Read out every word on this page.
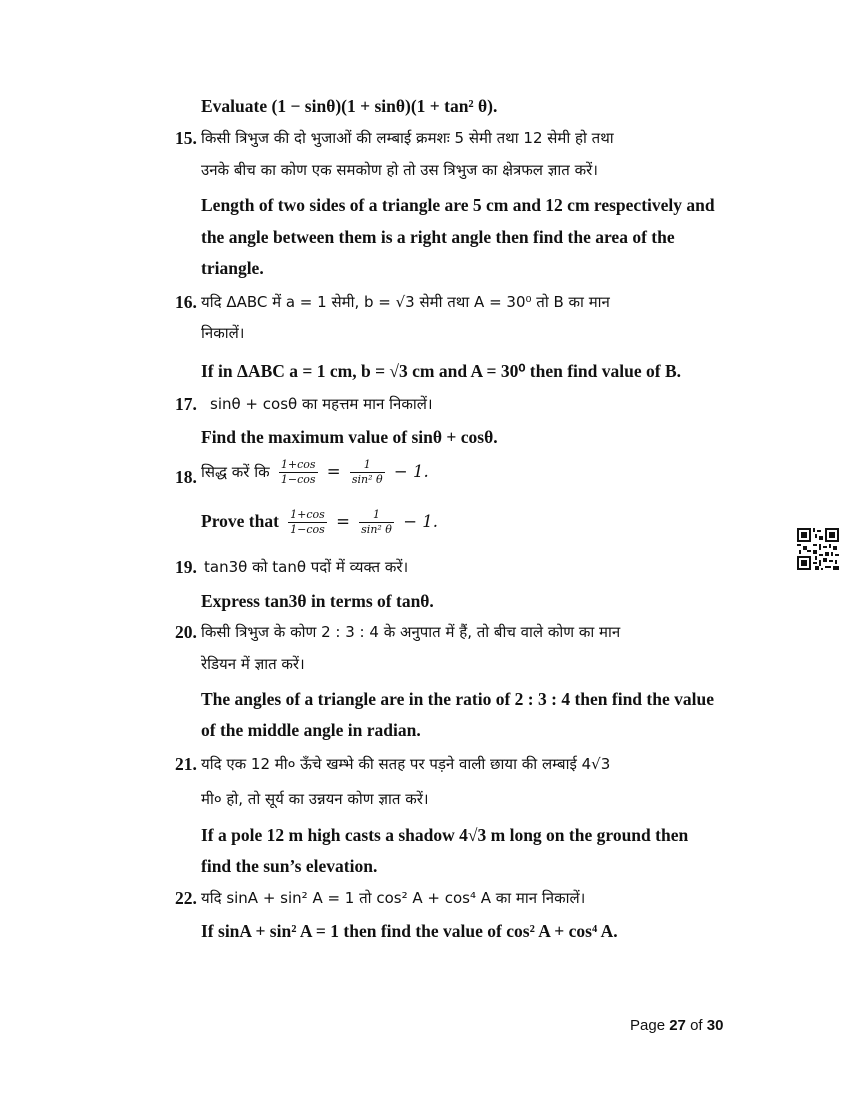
Evaluate (1 − sinθ)(1 + sinθ)(1 + tan² θ).
15. किसी त्रिभुज की दो भुजाओं की लम्बाई क्रमशः 5 सेमी तथा 12 सेमी हो तथा
उनके बीच का कोण एक समकोण हो तो उस त्रिभुज का क्षेत्रफल ज्ञात करें।
Length of two sides of a triangle are 5 cm and 12 cm respectively and
the angle between them is a right angle then find the area of the
triangle.
16. यदि ΔABC में a = 1 सेमी, b = √3 सेमी तथा A = 30⁰ तो B का मान
निकालें।
If in ΔABC a = 1 cm, b = √3 cm and A = 30⁰ then find value of B.
17. sinθ + cosθ का महत्तम मान निकालें।
Find the maximum value of sinθ + cosθ.
18. सिद्ध करें कि $\frac{1+\cos}{1-\cos} = \frac{1}{\text{sin² θ}} - 1$.
Prove that $\frac{1+\cos}{1-\cos} = \frac{1}{\text{sin² θ}} - 1$.
19. tan3θ को tanθ पदों में व्यक्त करें।
Express tan3θ in terms of tanθ.
20. किसी त्रिभुज के कोण 2 : 3 : 4 के अनुपात में हैं, तो बीच वाले कोण का मान
रेडियन में ज्ञात करें।
The angles of a triangle are in the ratio of 2 : 3 : 4 then find the value
of the middle angle in radian.
21. यदि एक 12 मी० ऊँचे खम्भे की सतह पर पड़ने वाली छाया की लम्बाई 4√3
मी० हो, तो सूर्य का उन्नयन कोण ज्ञात करें।
If a pole 12 m high casts a shadow 4√3 m long on the ground then
find the sun’s elevation.
22. यदि sinA + sin² A = 1 तो cos² A + cos⁴ A का मान निकालें।
If sinA + sin² A = 1 then find the value of cos² A + cos⁴ A.
Page 27 of 30
